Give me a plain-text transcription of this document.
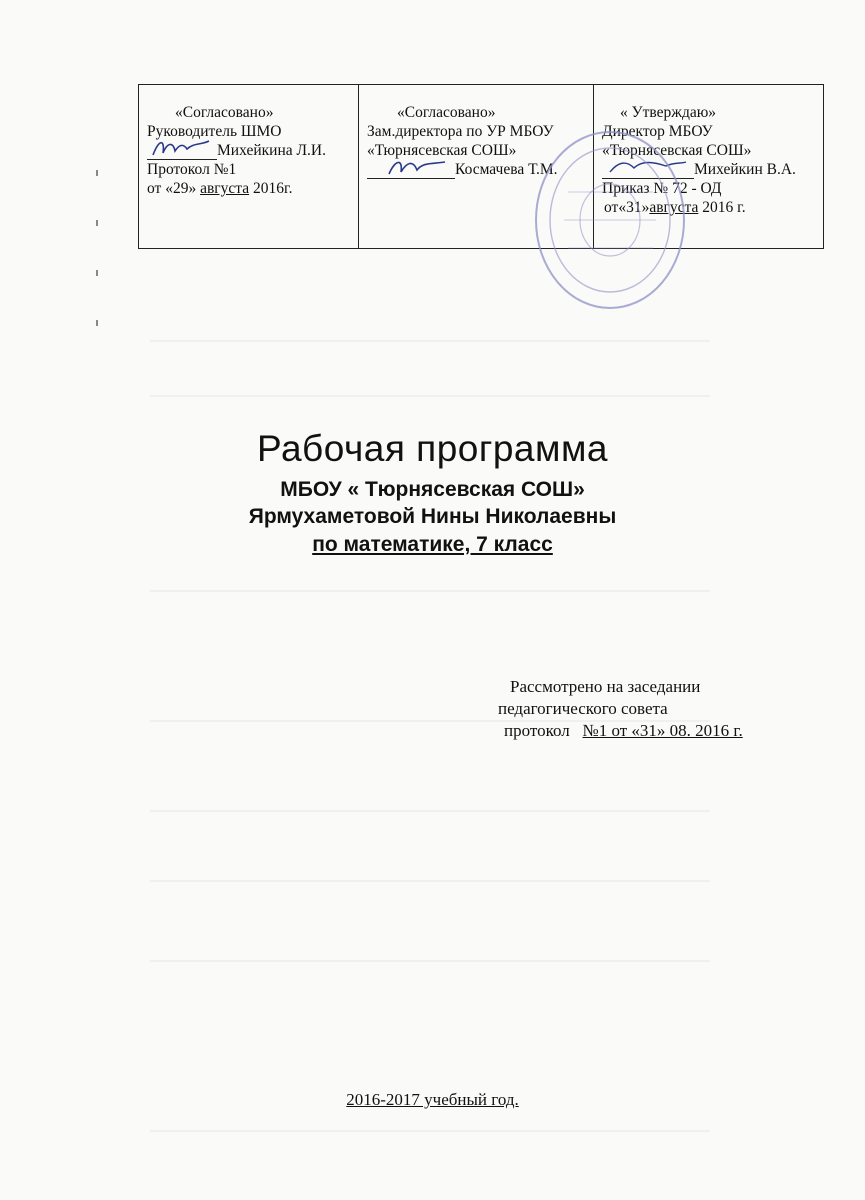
«Согласовано»
Руководитель ШМО
Михейкина Л.И.
Протокол №1
от «29» августа 2016г.

«Согласовано»
Зам.директора по УР МБОУ
«Тюрнясевская СОШ»
Космачева Т.М.

« Утверждаю»
Директор МБОУ
«Тюрнясевская СОШ»
Михейкин В.А.
Приказ № 72 - ОД
от«31»августа 2016 г.
Рабочая программа
МБОУ « Тюрнясевская СОШ»
Ярмухаметовой Нины Николаевны
по математике, 7 класс
Рассмотрено на заседании
педагогического совета
протокол №1 от «31» 08. 2016 г.
2016-2017 учебный год.
